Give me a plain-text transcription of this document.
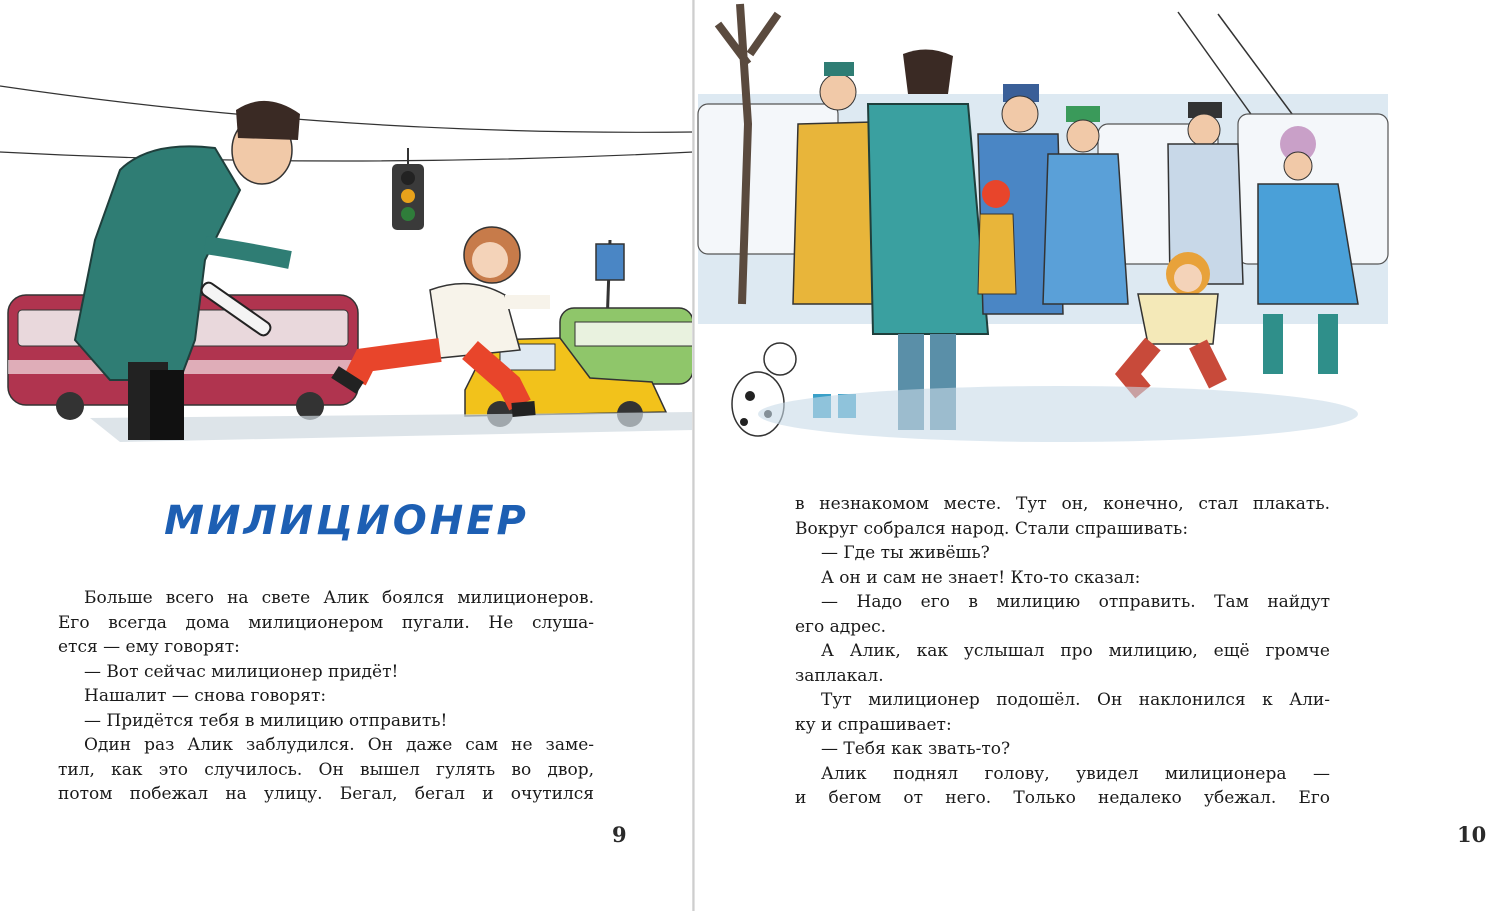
МИЛИЦИОНЕР
Больше всего на свете Алик боялся милиционеров.
Его всегда дома милиционером пугали. Не слуша-
ется — ему говорят:
— Вот сейчас милиционер придёт!
Нашалит — снова говорят:
— Придётся тебя в милицию отправить!
Один раз Алик заблудился. Он даже сам не заме-
тил, как это случилось. Он вышел гулять во двор,
потом побежал на улицу. Бегал, бегал и очутился
9	10
в незнакомом месте. Тут он, конечно, стал плакать.
Вокруг собрался народ. Стали спрашивать:
— Где ты живёшь?
А он и сам не знает! Кто-то сказал:
— Надо его в милицию отправить. Там найдут
его адрес.
А Алик, как услышал про милицию, ещё громче
заплакал.
Тут милиционер подошёл. Он наклонился к Али-
ку и спрашивает:
— Тебя как звать-то?
Алик поднял голову, увидел милиционера —
и бегом от него. Только недалеко убежал. Его
